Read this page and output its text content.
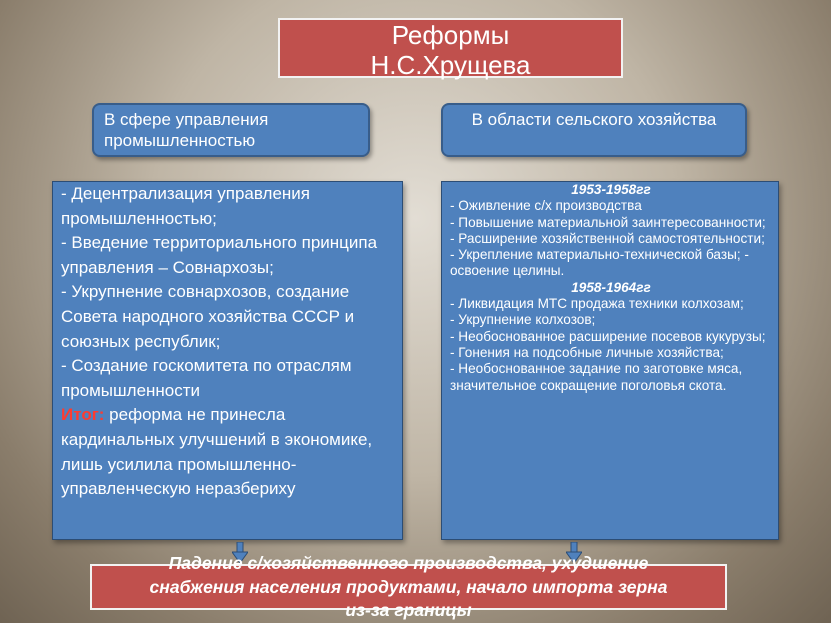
Реформы
Н.С.Хрущева
В сфере управления промышленностью
В области сельского хозяйства

- Децентрализация управления промышленностью;

- Введение территориального принципа управления – Совнархозы;

- Укрупнение совнархозов, создание Совета народного хозяйства СССР и союзных республик;

- Создание госкомитета по отраслям промышленности

Итог: реформа не принесла кардинальных улучшений в экономике, лишь усилила промышленно-управленческую неразбериху

1953-1958гг

- Оживление с/х производства

- Повышение материальной заинтересованности;

- Расширение хозяйственной самостоятельности;

- Укрепление материально-технической базы; - освоение целины.

1958-1964гг

- Ликвидация МТС продажа техники колхозам;

- Укрупнение колхозов;

- Необоснованное расширение посевов кукурузы;

- Гонения на подсобные личные хозяйства;

- Необоснованное задание по заготовке мяса, значительное сокращение поголовья скота.

Падение с/хозяйственного производства, ухудшение
снабжения населения продуктами, начало импорта зерна
из-за границы
